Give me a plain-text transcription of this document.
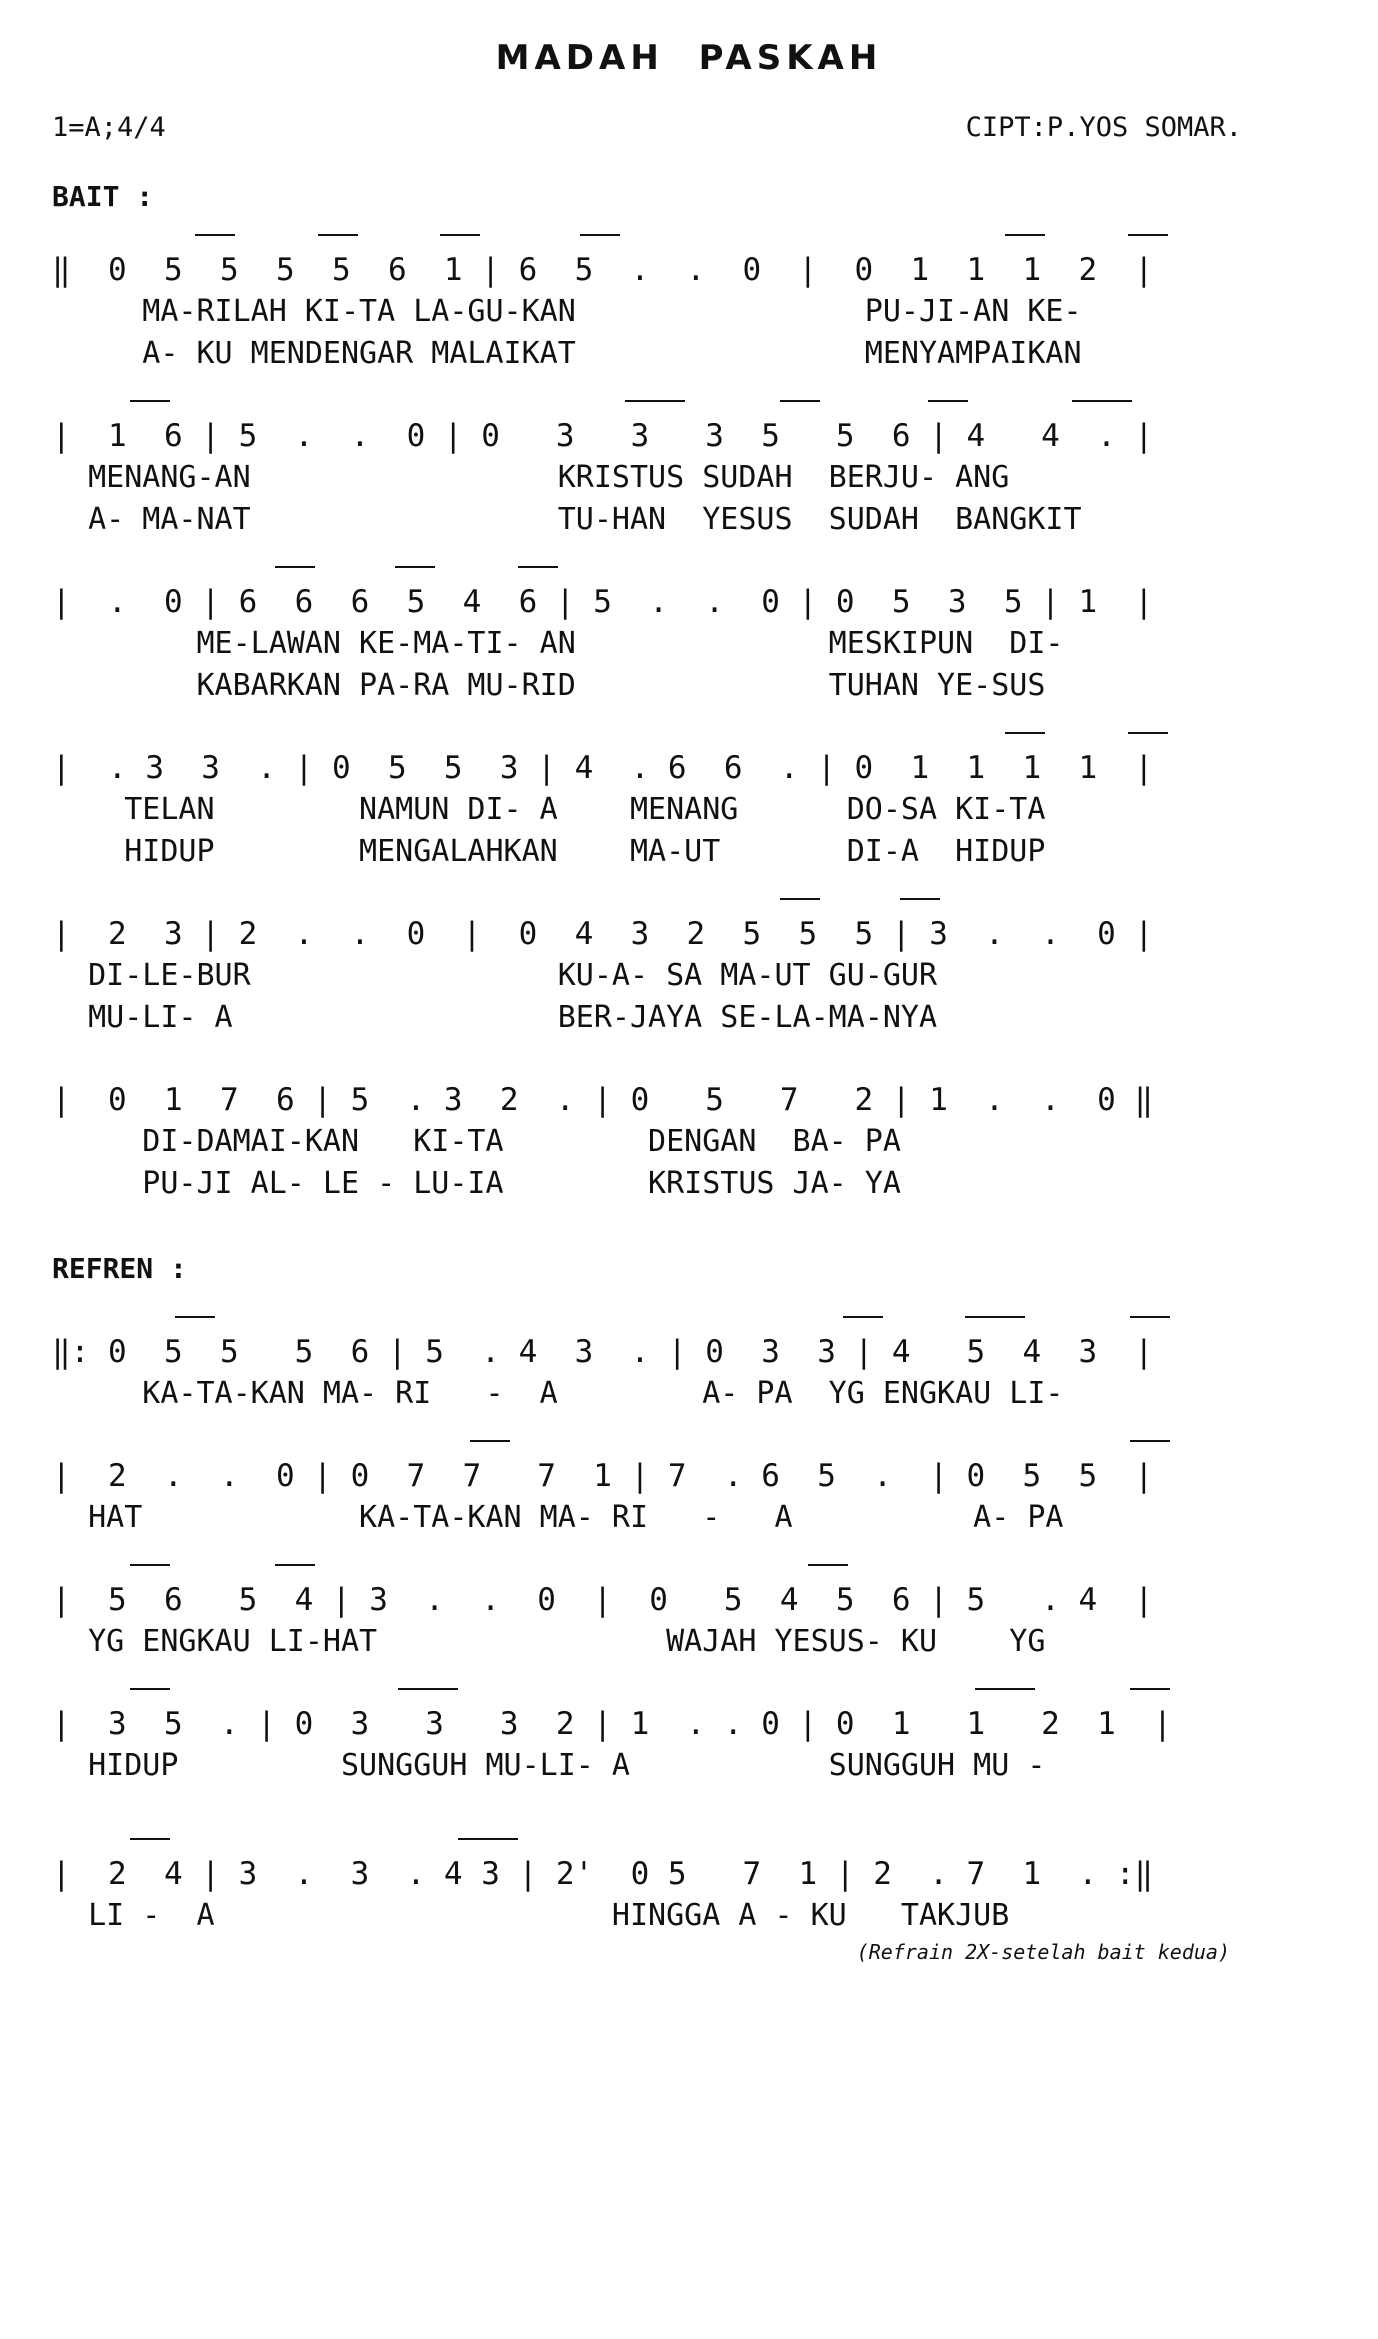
MADAH PASKAH
1=A;4/4	CIPT:P.YOS SOMAR.
BAIT :
REFREN :
‖  0  5  5  5  5  6  1 | 6  5  .  .  0  |  0  1  1  1  2  |
MA-RILAH KI-TA LA-GU-KAN                PU-JI-AN KE-
A- KU MENDENGAR MALAIKAT                MENYAMPAIKAN
|  1  6 | 5  .  .  0 | 0   3   3   3  5   5  6 | 4   4  . |
MENANG-AN                 KRISTUS SUDAH  BERJU- ANG
A- MA-NAT                 TU-HAN  YESUS  SUDAH  BANGKIT
|  .  0 | 6  6  6  5  4  6 | 5  .  .  0 | 0  5  3  5 | 1  |
ME-LAWAN KE-MA-TI- AN              MESKIPUN  DI-
KABARKAN PA-RA MU-RID              TUHAN YE-SUS
|  . 3  3  . | 0  5  5  3 | 4  . 6  6  . | 0  1  1  1  1  |
TELAN        NAMUN DI- A    MENANG      DO-SA KI-TA
HIDUP        MENGALAHKAN    MA-UT       DI-A  HIDUP
|  2  3 | 2  .  .  0  |  0  4  3  2  5  5  5 | 3  .  .  0 |
DI-LE-BUR                 KU-A- SA MA-UT GU-GUR
MU-LI- A                  BER-JAYA SE-LA-MA-NYA
|  0  1  7  6 | 5  . 3  2  . | 0   5   7   2 | 1  .  .  0 ‖
DI-DAMAI-KAN   KI-TA        DENGAN  BA- PA
PU-JI AL- LE - LU-IA        KRISTUS JA- YA
‖: 0  5  5   5  6 | 5  . 4  3  . | 0  3  3 | 4   5  4  3  |
KA-TA-KAN MA- RI   -  A        A- PA  YG ENGKAU LI-
|  2  .  .  0 | 0  7  7   7  1 | 7  . 6  5  .  | 0  5  5  |
HAT            KA-TA-KAN MA- RI   -   A          A- PA
|  5  6   5  4 | 3  .  .  0  |  0   5  4  5  6 | 5   . 4  |
YG ENGKAU LI-HAT                WAJAH YESUS- KU    YG
|  3  5  . | 0  3   3   3  2 | 1  . . 0 | 0  1   1   2  1  |
HIDUP         SUNGGUH MU-LI- A           SUNGGUH MU -
|  2  4 | 3  .  3  . 4 3 | 2'  0 5   7  1 | 2  . 7  1  . :‖
LI -  A                      HINGGA A - KU   TAKJUB
(Refrain 2X-setelah bait kedua)
